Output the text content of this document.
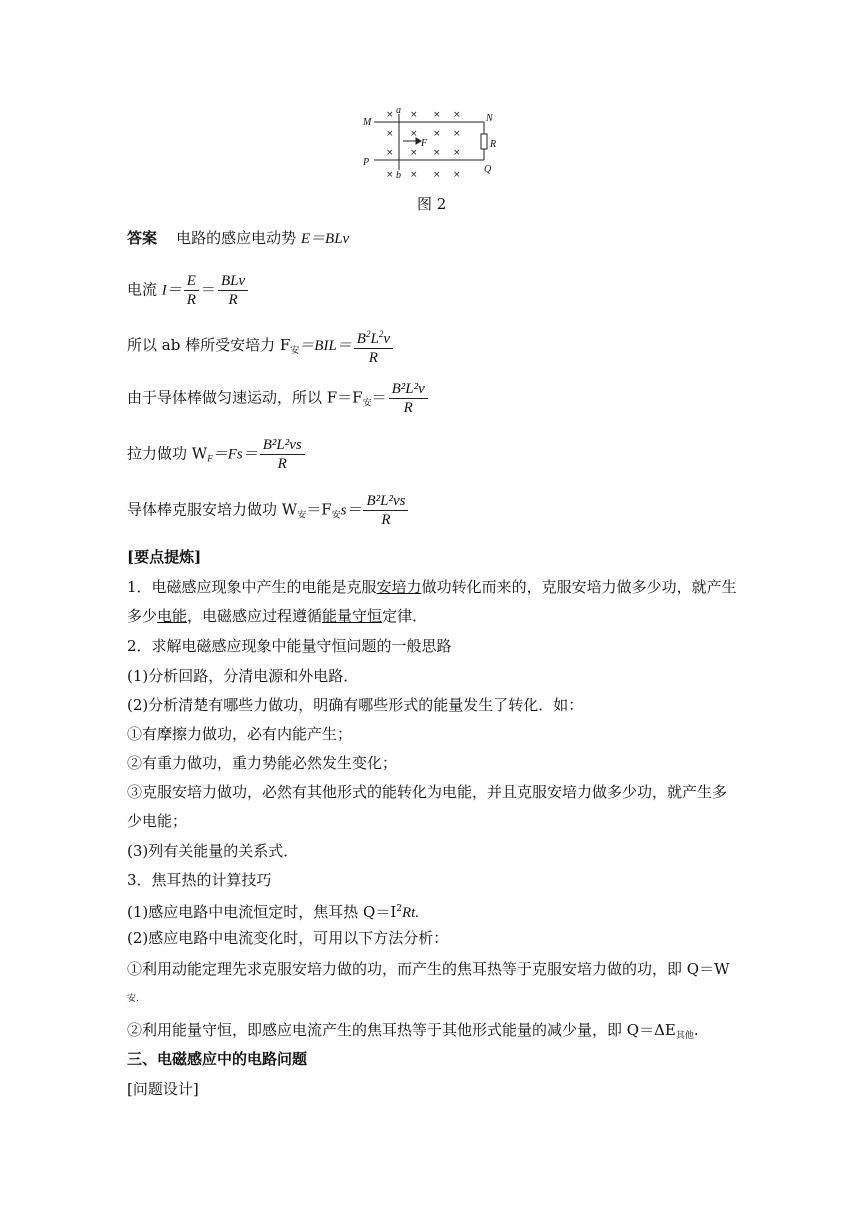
× × × ×
× × × ×
× × × ×
× × × ×
M	N
P
Q
a
b
F	R
图 2
答案 电路的感应电动势 E＝BLv
电流 $I= \frac{E}{R} = \frac{\text{BLv}}{R}$
所以 ab 棒所受安培力 $F_安=BIL= \frac{B^2L^2v}{R}$
由于导体棒做匀速运动，所以 $F=F_安= \frac{\text{B²L²v}}{R}$
拉力做功 $W_F=Fs= \frac{\text{B²L²vs}}{R}$
导体棒克服安培力做功 $W_安=F_安s= \frac{\text{B²L²vs}}{R}$
[要点提炼]
1．电磁感应现象中产生的电能是克服安培力做功转化而来的，克服安培力做多少功，就产生
多少电能，电磁感应过程遵循能量守恒定律．
2．求解电磁感应现象中能量守恒问题的一般思路
(1)分析回路，分清电源和外电路．
(2)分析清楚有哪些力做功，明确有哪些形式的能量发生了转化．如：
①有摩擦力做功，必有内能产生；
②有重力做功，重力势能必然发生变化；
③克服安培力做功，必然有其他形式的能转化为电能，并且克服安培力做多少功，就产生多
少电能；
(3)列有关能量的关系式．
3．焦耳热的计算技巧
(1)感应电路中电流恒定时，焦耳热 $Q=I^2Rt$.
(2)感应电路中电流变化时，可用以下方法分析：
①利用动能定理先求克服安培力做的功，而产生的焦耳热等于克服安培力做的功，即 Q＝W
安.
②利用能量守恒，即感应电流产生的焦耳热等于其他形式能量的减少量，即 $Q=\Delta E_{其他}$.
三、电磁感应中的电路问题
[问题设计]
